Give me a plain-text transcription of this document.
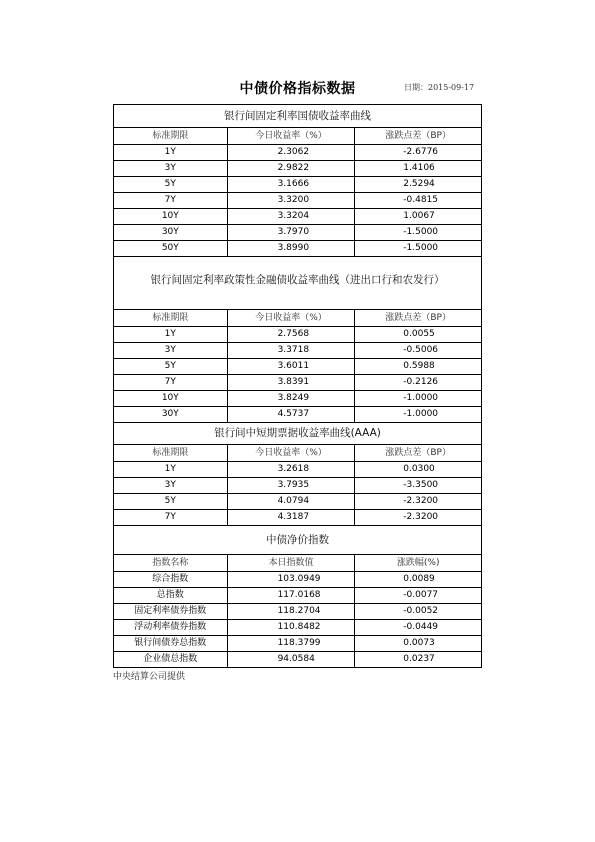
中债价格指标数据	日期：2015-09-17
银行间固定利率国债收益率曲线
标准期限	今日收益率（%）	涨跌点差（BP）
1Y	2.3062	-2.6776
3Y	2.9822	1.4106
5Y	3.1666	2.5294
7Y	3.3200	-0.4815
10Y	3.3204	1.0067
30Y	3.7970	-1.5000
50Y	3.8990	-1.5000
银行间固定利率政策性金融债收益率曲线（进出口行和农发行）
标准期限	今日收益率（%）	涨跌点差（BP）
1Y	2.7568	0.0055
3Y	3.3718	-0.5006
5Y	3.6011	0.5988
7Y	3.8391	-0.2126
10Y	3.8249	-1.0000
30Y	4.5737	-1.0000
银行间中短期票据收益率曲线(AAA)
标准期限	今日收益率（%）	涨跌点差（BP）
1Y	3.2618	0.0300
3Y	3.7935	-3.3500
5Y	4.0794	-2.3200
7Y	4.3187	-2.3200
中债净价指数
指数名称	本日指数值	涨跌幅(%)
综合指数	103.0949	0.0089
总指数	117.0168	-0.0077
固定利率债券指数	118.2704	-0.0052
浮动利率债券指数	110.8482	-0.0449
银行间债券总指数	118.3799	0.0073
企业债总指数	94.0584	0.0237
中央结算公司提供
